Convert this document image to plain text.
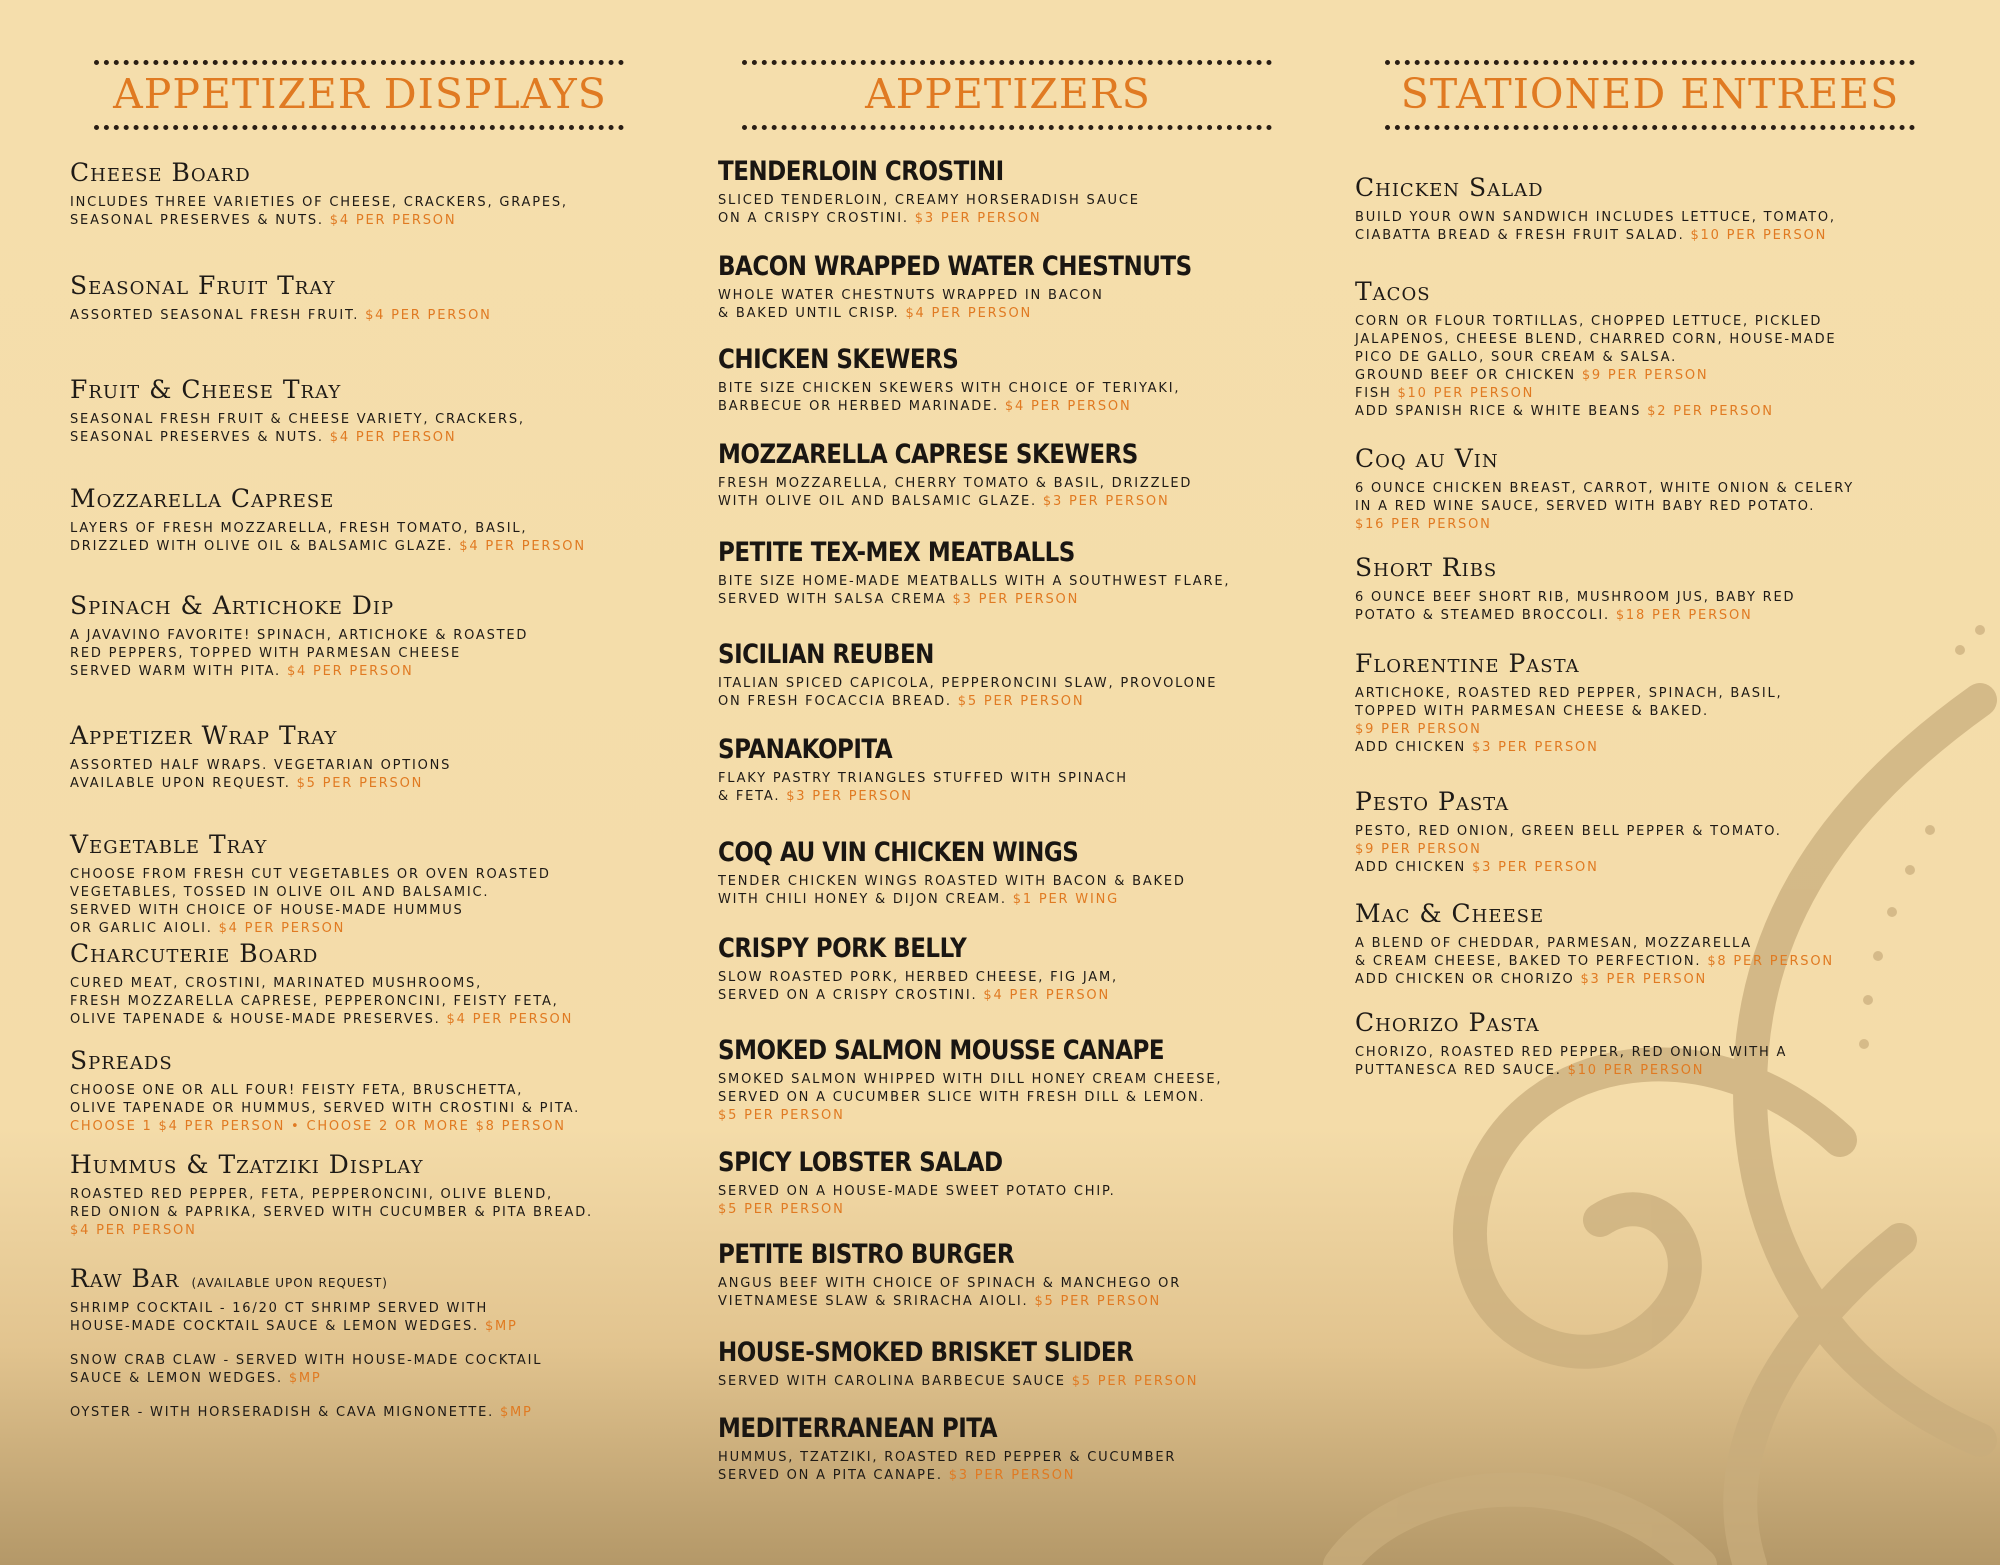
APPETIZER DISPLAYS
Cheese Board
INCLUDES THREE VARIETIES OF CHEESE, CRACKERS, GRAPES,
SEASONAL PRESERVES & NUTS. $4 PER PERSON
Seasonal Fruit Tray
ASSORTED SEASONAL FRESH FRUIT. $4 PER PERSON
Fruit & Cheese Tray
SEASONAL FRESH FRUIT & CHEESE VARIETY, CRACKERS,
SEASONAL PRESERVES & NUTS. $4 PER PERSON
Mozzarella Caprese
LAYERS OF FRESH MOZZARELLA, FRESH TOMATO, BASIL,
DRIZZLED WITH OLIVE OIL & BALSAMIC GLAZE. $4 PER PERSON
Spinach & Artichoke Dip
A JAVAVINO FAVORITE! SPINACH, ARTICHOKE & ROASTED
RED PEPPERS, TOPPED WITH PARMESAN CHEESE
SERVED WARM WITH PITA. $4 PER PERSON
Appetizer Wrap Tray
ASSORTED HALF WRAPS. VEGETARIAN OPTIONS
AVAILABLE UPON REQUEST. $5 PER PERSON
Vegetable Tray
CHOOSE FROM FRESH CUT VEGETABLES OR OVEN ROASTED
VEGETABLES, TOSSED IN OLIVE OIL AND BALSAMIC.
SERVED WITH CHOICE OF HOUSE-MADE HUMMUS
OR GARLIC AIOLI. $4 PER PERSON
Charcuterie Board
CURED MEAT, CROSTINI, MARINATED MUSHROOMS,
FRESH MOZZARELLA CAPRESE, PEPPERONCINI, FEISTY FETA,
OLIVE TAPENADE & HOUSE-MADE PRESERVES. $4 PER PERSON
Spreads
CHOOSE ONE OR ALL FOUR! FEISTY FETA, BRUSCHETTA,
OLIVE TAPENADE OR HUMMUS, SERVED WITH CROSTINI & PITA.
CHOOSE 1 $4 PER PERSON • CHOOSE 2 OR MORE $8 PERSON
Hummus & Tzatziki Display
ROASTED RED PEPPER, FETA, PEPPERONCINI, OLIVE BLEND,
RED ONION & PAPRIKA, SERVED WITH CUCUMBER & PITA BREAD.
$4 PER PERSON
Raw Bar (AVAILABLE UPON REQUEST)
SHRIMP COCKTAIL - 16/20 CT SHRIMP SERVED WITH
HOUSE-MADE COCKTAIL SAUCE & LEMON WEDGES. $MP
SNOW CRAB CLAW - SERVED WITH HOUSE-MADE COCKTAIL
SAUCE & LEMON WEDGES. $MP
OYSTER - WITH HORSERADISH & CAVA MIGNONETTE. $MP
APPETIZERS
TENDERLOIN CROSTINI
SLICED TENDERLOIN, CREAMY HORSERADISH SAUCE
ON A CRISPY CROSTINI. $3 PER PERSON
BACON WRAPPED WATER CHESTNUTS
WHOLE WATER CHESTNUTS WRAPPED IN BACON
& BAKED UNTIL CRISP. $4 PER PERSON
CHICKEN SKEWERS
BITE SIZE CHICKEN SKEWERS WITH CHOICE OF TERIYAKI,
BARBECUE OR HERBED MARINADE. $4 PER PERSON
MOZZARELLA CAPRESE SKEWERS
FRESH MOZZARELLA, CHERRY TOMATO & BASIL, DRIZZLED
WITH OLIVE OIL AND BALSAMIC GLAZE. $3 PER PERSON
PETITE TEX-MEX MEATBALLS
BITE SIZE HOME-MADE MEATBALLS WITH A SOUTHWEST FLARE,
SERVED WITH SALSA CREMA $3 PER PERSON
SICILIAN REUBEN
ITALIAN SPICED CAPICOLA, PEPPERONCINI SLAW, PROVOLONE
ON FRESH FOCACCIA BREAD. $5 PER PERSON
SPANAKOPITA
FLAKY PASTRY TRIANGLES STUFFED WITH SPINACH
& FETA. $3 PER PERSON
COQ AU VIN CHICKEN WINGS
TENDER CHICKEN WINGS ROASTED WITH BACON & BAKED
WITH CHILI HONEY & DIJON CREAM. $1 PER WING
CRISPY PORK BELLY
SLOW ROASTED PORK, HERBED CHEESE, FIG JAM,
SERVED ON A CRISPY CROSTINI. $4 PER PERSON
SMOKED SALMON MOUSSE CANAPE
SMOKED SALMON WHIPPED WITH DILL HONEY CREAM CHEESE,
SERVED ON A CUCUMBER SLICE WITH FRESH DILL & LEMON.
$5 PER PERSON
SPICY LOBSTER SALAD
SERVED ON A HOUSE-MADE SWEET POTATO CHIP.
$5 PER PERSON
PETITE BISTRO BURGER
ANGUS BEEF WITH CHOICE OF SPINACH & MANCHEGO OR
VIETNAMESE SLAW & SRIRACHA AIOLI. $5 PER PERSON
HOUSE-SMOKED BRISKET SLIDER
SERVED WITH CAROLINA BARBECUE SAUCE $5 PER PERSON
MEDITERRANEAN PITA
HUMMUS, TZATZIKI, ROASTED RED PEPPER & CUCUMBER
SERVED ON A PITA CANAPE. $3 PER PERSON
STATIONED ENTREES
Chicken Salad
BUILD YOUR OWN SANDWICH INCLUDES LETTUCE, TOMATO,
CIABATTA BREAD & FRESH FRUIT SALAD. $10 PER PERSON
Tacos
CORN OR FLOUR TORTILLAS, CHOPPED LETTUCE, PICKLED
JALAPENOS, CHEESE BLEND, CHARRED CORN, HOUSE-MADE
PICO DE GALLO, SOUR CREAM & SALSA.
GROUND BEEF OR CHICKEN $9 PER PERSON
FISH $10 PER PERSON
ADD SPANISH RICE & WHITE BEANS $2 PER PERSON
Coq au Vin
6 OUNCE CHICKEN BREAST, CARROT, WHITE ONION & CELERY
IN A RED WINE SAUCE, SERVED WITH BABY RED POTATO.
$16 PER PERSON
Short Ribs
6 OUNCE BEEF SHORT RIB, MUSHROOM JUS, BABY RED
POTATO & STEAMED BROCCOLI. $18 PER PERSON
Florentine Pasta
ARTICHOKE, ROASTED RED PEPPER, SPINACH, BASIL,
TOPPED WITH PARMESAN CHEESE & BAKED.
$9 PER PERSON
ADD CHICKEN $3 PER PERSON
Pesto Pasta
PESTO, RED ONION, GREEN BELL PEPPER & TOMATO.
$9 PER PERSON
ADD CHICKEN $3 PER PERSON
Mac & Cheese
A BLEND OF CHEDDAR, PARMESAN, MOZZARELLA
& CREAM CHEESE, BAKED TO PERFECTION. $8 PER PERSON
ADD CHICKEN OR CHORIZO $3 PER PERSON
Chorizo Pasta
CHORIZO, ROASTED RED PEPPER, RED ONION WITH A
PUTTANESCA RED SAUCE. $10 PER PERSON
